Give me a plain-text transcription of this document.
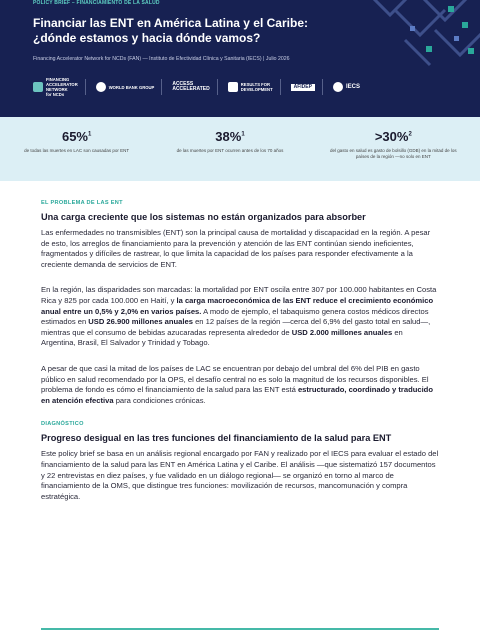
POLICY BRIEF – FINANCIAMIENTO DE LA SALUD
Financiar las ENT en América Latina y el Caribe: ¿dónde estamos y hacia dónde vamos?
Financing Accelerator Network for NCDs (FAN) — Instituto de Efectividad Clínica y Sanitaria (IECS) | Julio 2026
FINANCING
ACCELERATOR
NETWORK
for NCDs
WORLD BANK GROUP	ACCESS
ACCELERATED
RESULTS FOR
DEVELOPMENT	AFIDEP	IECS
65%$^1$
de todas las muertes en LAC son causadas por ENT
38%$^1$
de las muertes por ENT ocurren antes de los 70 años
>30%$^2$
del gasto en salud es gasto de bolsillo (GDB) en la mitad de los países de la región —no solo en ENT
EL PROBLEMA DE LAS ENT
Una carga creciente que los sistemas no están organizados para absorber

Las enfermedades no transmisibles (ENT) son la principal causa de mortalidad y discapacidad en la región. A pesar de esto, los arreglos de financiamiento para la prevención y atención de las ENT continúan siendo ineficientes, fragmentados y difíciles de rastrear, lo que limita la capacidad de los países para responder efectivamente a la creciente demanda de servicios de ENT.

En la región, las disparidades son marcadas: la mortalidad por ENT oscila entre 307 por 100.000 habitantes en Costa Rica y 825 por cada 100.000 en Haití, y la carga macroeconómica de las ENT reduce el crecimiento económico anual entre un 0,5% y 2,0% en varios países. A modo de ejemplo, el tabaquismo genera costos médicos directos estimados en USD 26.900 millones anuales en 12 países de la región —cerca del 6,9% del gasto total en salud—, mientras que el consumo de bebidas azucaradas representa alrededor de USD 2.000 millones anuales en Argentina, Brasil, El Salvador y Trinidad y Tobago.

A pesar de que casi la mitad de los países de LAC se encuentran por debajo del umbral del 6% del PIB en gasto público en salud recomendado por la OPS, el desafío central no es solo la magnitud de los recursos disponibles. El problema de fondo es cómo el financiamiento de la salud para las ENT está estructurado, coordinado y traducido en atención efectiva para condiciones crónicas.

DIAGNÓSTICO
Progreso desigual en las tres funciones del financiamiento de la salud para ENT

Este policy brief se basa en un análisis regional encargado por FAN y realizado por el IECS para evaluar el estado del financiamiento de la salud para las ENT en América Latina y el Caribe. El análisis —que sistematizó 157 documentos y 22 entrevistas en diez países, y fue validado en un diálogo regional— se organizó en torno al marco de financiamiento de la OMS, que distingue tres funciones: movilización de recursos, mancomunación y compra estratégica.
